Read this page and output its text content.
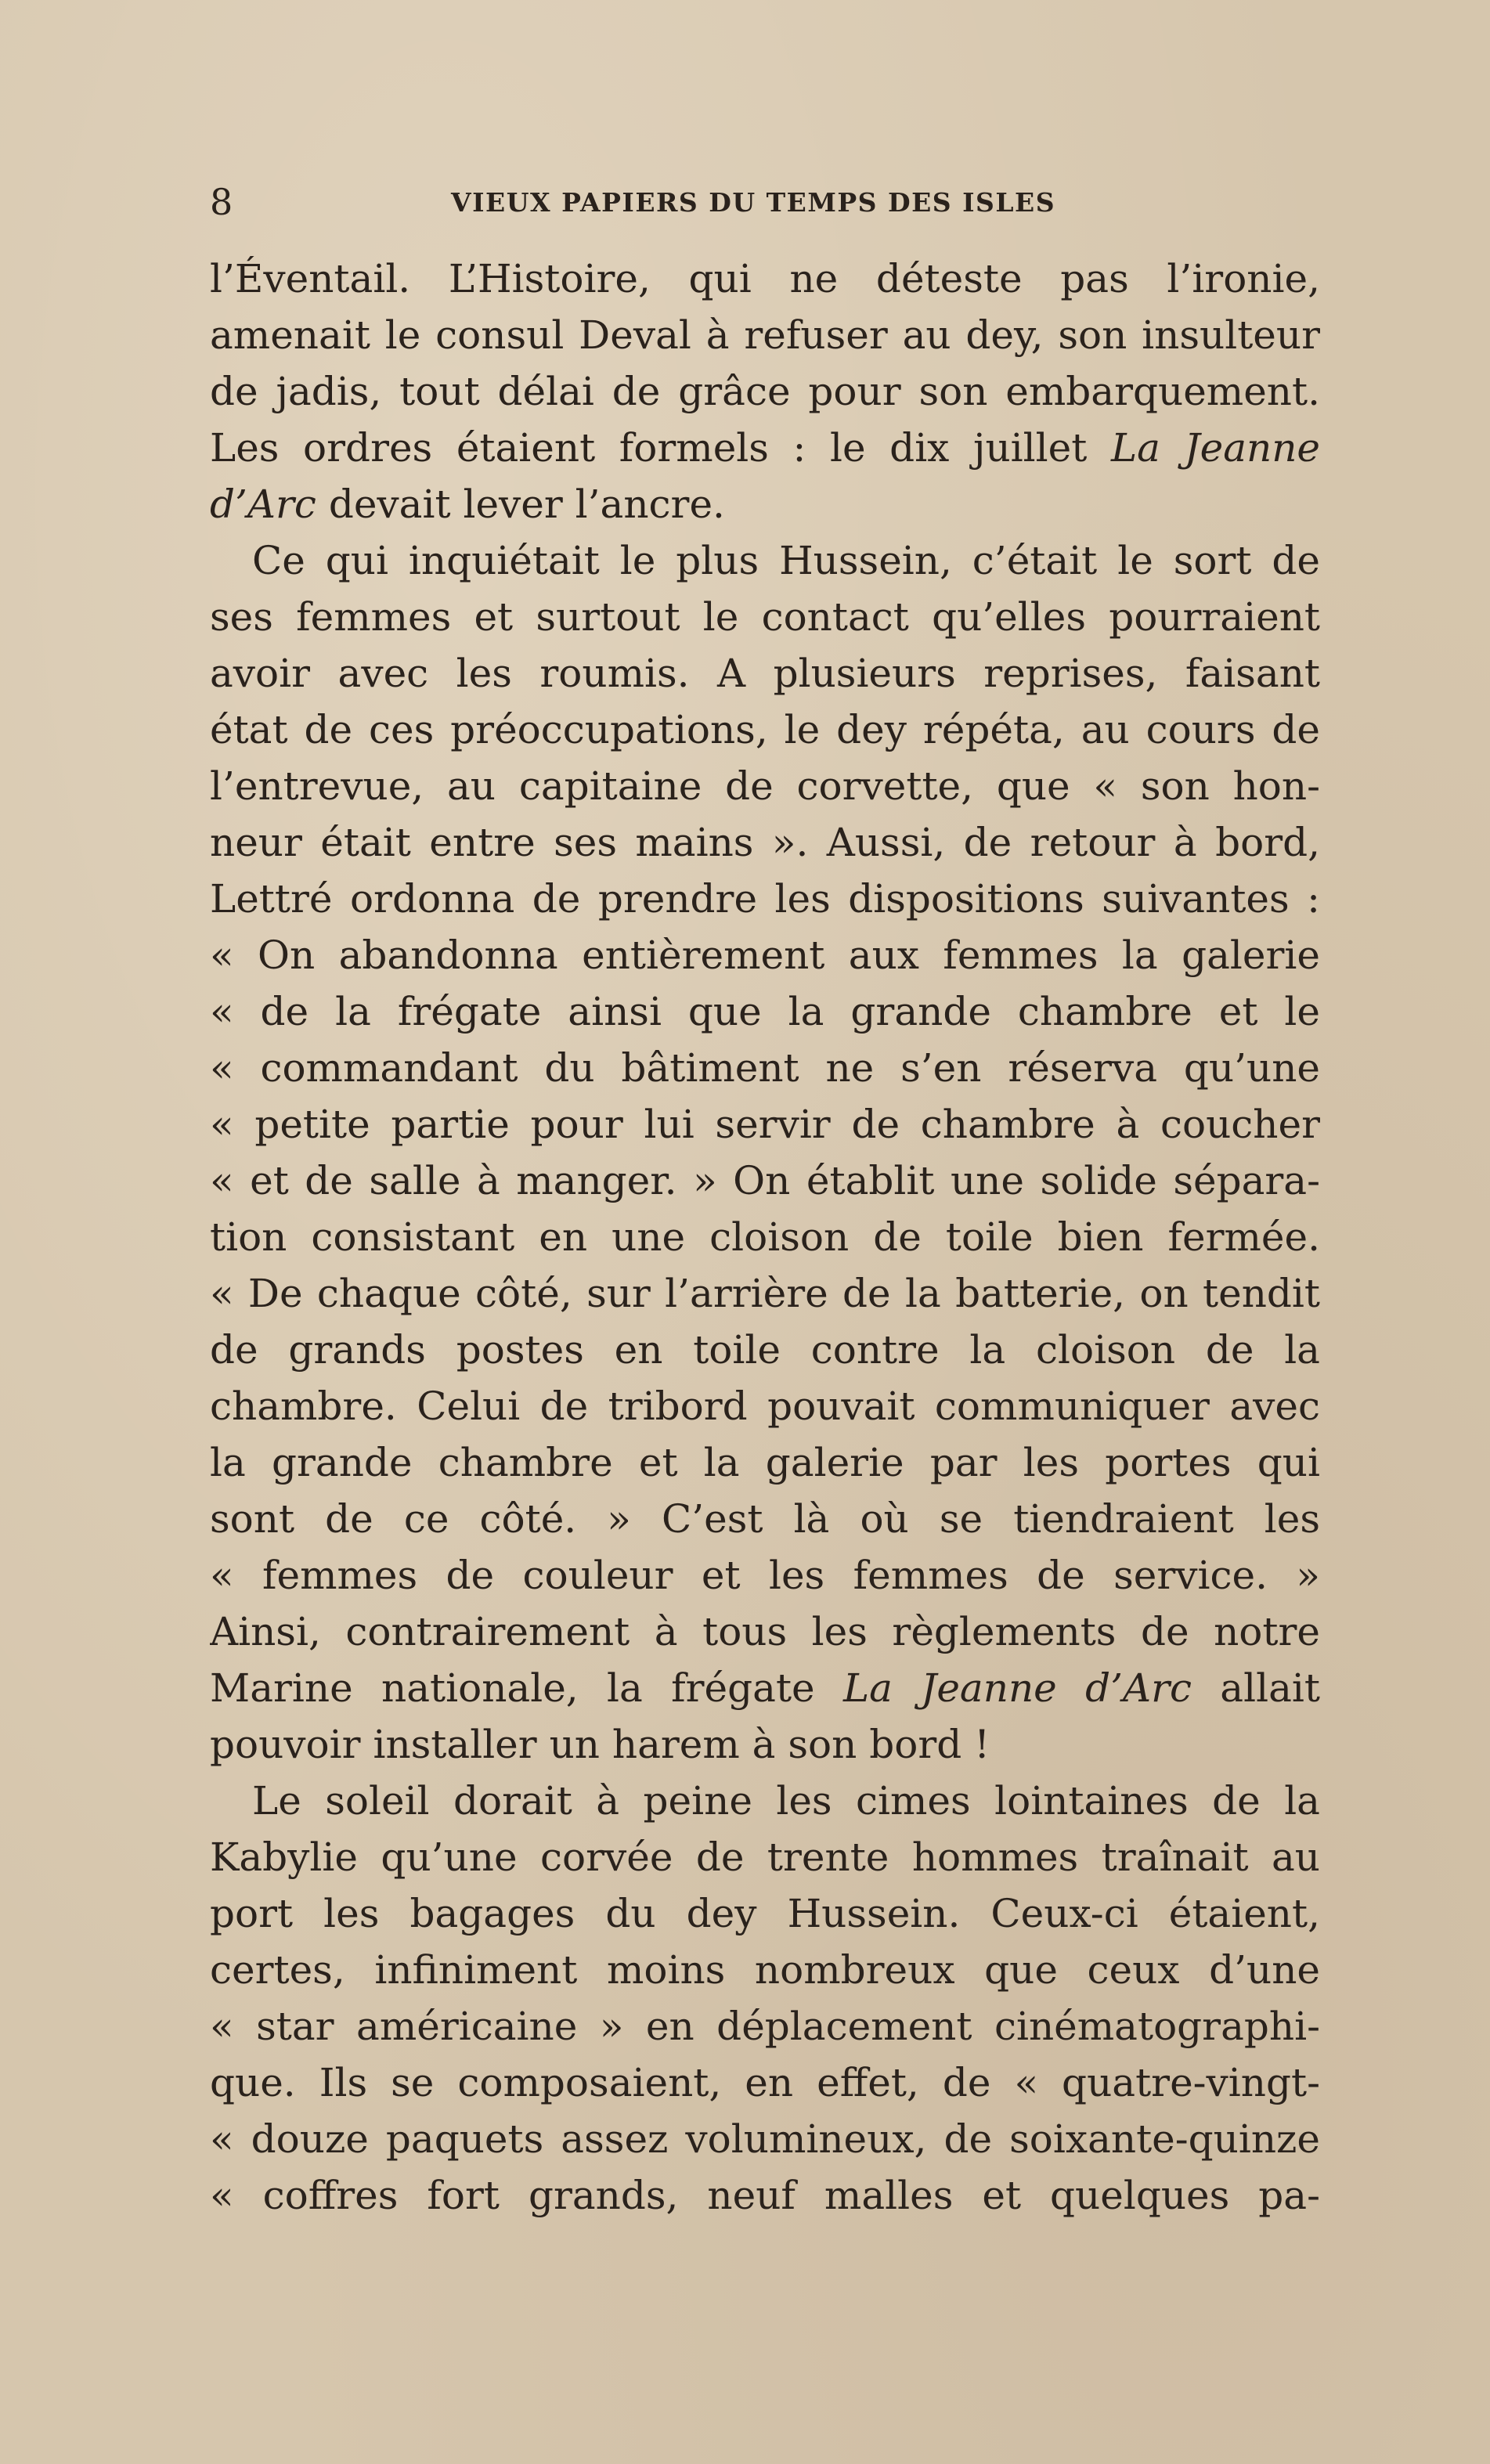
8	VIEUX PAPIERS DU TEMPS DES ISLES
l’Éventail. L’Histoire, qui ne déteste pas l’ironie,
amenait le consul Deval à refuser au dey, son insulteur
de jadis, tout délai de grâce pour son embarquement.
Les ordres étaient formels : le dix juillet La Jeanne
d’Arc devait lever l’ancre.
Ce qui inquiétait le plus Hussein, c’était le sort de
ses femmes et surtout le contact qu’elles pourraient
avoir avec les roumis. A plusieurs reprises, faisant
état de ces préoccupations, le dey répéta, au cours de
l’entrevue, au capitaine de corvette, que « son hon-
neur était entre ses mains ». Aussi, de retour à bord,
Lettré ordonna de prendre les dispositions suivantes :
« On abandonna entièrement aux femmes la galerie
« de la frégate ainsi que la grande chambre et le
« commandant du bâtiment ne s’en réserva qu’une
« petite partie pour lui servir de chambre à coucher
« et de salle à manger. » On établit une solide sépara-
tion consistant en une cloison de toile bien fermée.
« De chaque côté, sur l’arrière de la batterie, on tendit
de grands postes en toile contre la cloison de la
chambre. Celui de tribord pouvait communiquer avec
la grande chambre et la galerie par les portes qui
sont de ce côté. » C’est là où se tiendraient les
« femmes de couleur et les femmes de service. »
Ainsi, contrairement à tous les règlements de notre
Marine nationale, la frégate La Jeanne d’Arc allait
pouvoir installer un harem à son bord !
Le soleil dorait à peine les cimes lointaines de la
Kabylie qu’une corvée de trente hommes traînait au
port les bagages du dey Hussein. Ceux-ci étaient,
certes, infiniment moins nombreux que ceux d’une
« star américaine » en déplacement cinématographi-
que. Ils se composaient, en effet, de « quatre-vingt-
« douze paquets assez volumineux, de soixante-quinze
« coffres fort grands, neuf malles et quelques pa-
